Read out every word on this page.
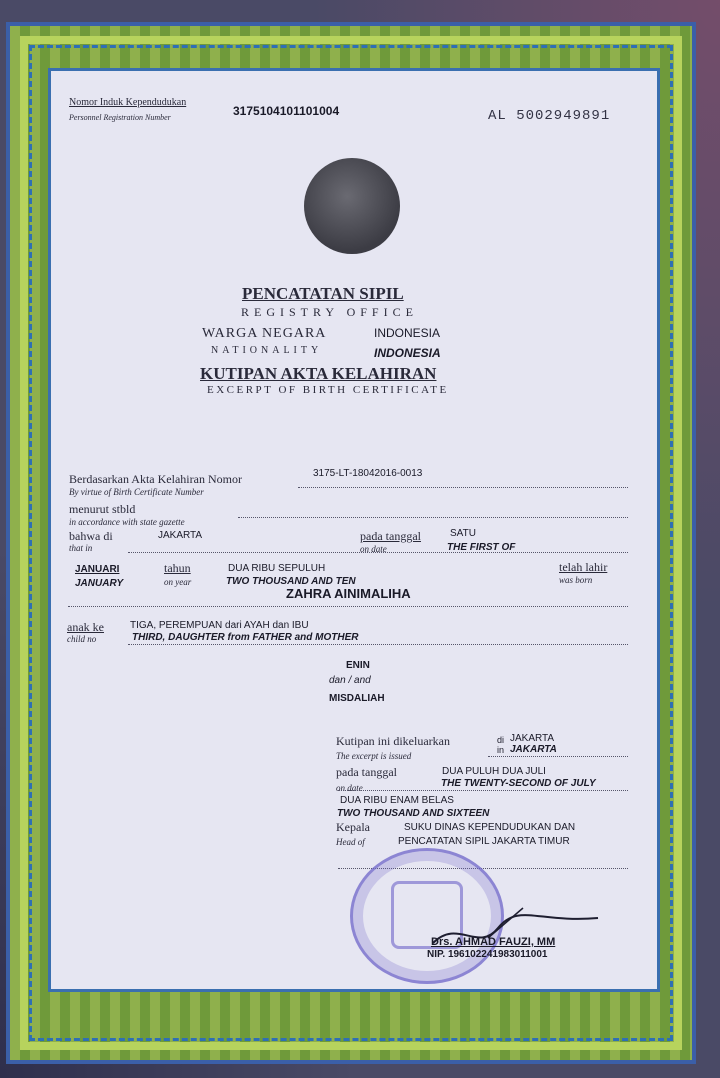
Nomor Induk Kependudukan
Personnel Registration Number	3175104101101004	AL 5002949891
PENCATATAN SIPIL
REGISTRY OFFICE
WARGA NEGARA
NATIONALITY
INDONESIA
INDONESIA
KUTIPAN AKTA KELAHIRAN
EXCERPT OF BIRTH CERTIFICATE
Berdasarkan Akta Kelahiran Nomor
By virtue of Birth Certificate Number
3175-LT-18042016-0013
menurut stbld
in accordance with state gazette
bahwa di
that in
JAKARTA	pada tanggal
on date
SATU
THE FIRST OF
JANUARI
JANUARY
tahun
on year
DUA RIBU SEPULUH
TWO THOUSAND AND TEN
telah lahir
was born
ZAHRA AINIMALIHA
anak ke
child no
TIGA, PEREMPUAN dari AYAH dan IBU
THIRD, DAUGHTER from FATHER and MOTHER
ENIN
dan / and
MISDALIAH
Kutipan ini dikeluarkan
The excerpt is issued
di
in
JAKARTA
JAKARTA
pada tanggal
on date
DUA PULUH DUA JULI
THE TWENTY-SECOND OF JULY
DUA RIBU ENAM BELAS
TWO THOUSAND AND SIXTEEN
Kepala
Head of
SUKU DINAS KEPENDUDUKAN DAN
PENCATATAN SIPIL JAKARTA TIMUR
Drs. AHMAD FAUZI, MM
NIP. 196102241983011001
